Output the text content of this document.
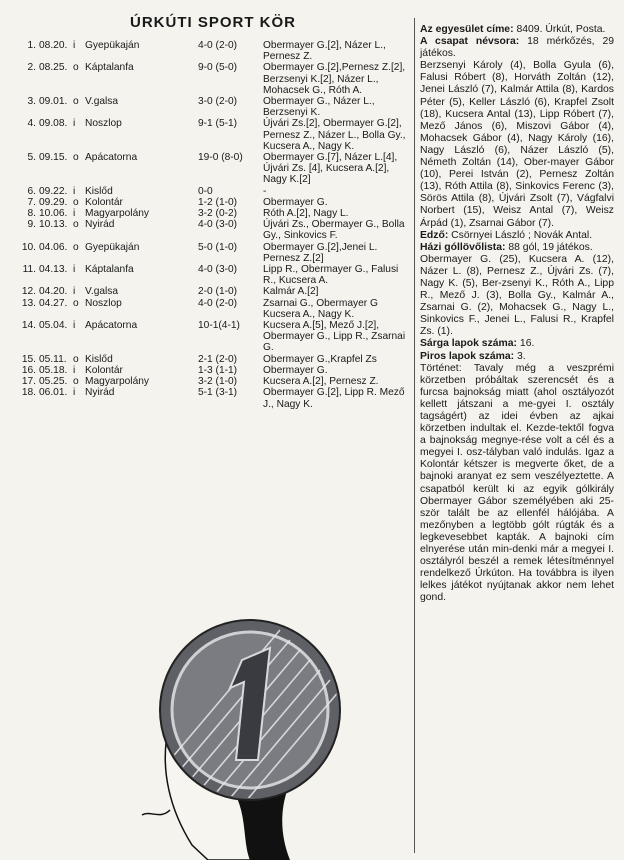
ÚRKÚTI SPORT KÖR
1. 08.20. i Gyepükaján	4-0 (2-0)	Obermayer G.[2], Názer L., Pernesz Z.
2. 08.25. o Káptalanfa	9-0 (5-0)	Obermayer G.[2],Pernesz Z.[2], Berzsenyi K.[2], Názer L., Mohacsek G., Róth A.
3. 09.01. o V.galsa	3-0 (2-0)	Obermayer G., Názer L., Berzsenyi K.
4. 09.08. i Noszlop	9-1 (5-1)	Újvári Zs.[2], Obermayer G.[2], Pernesz Z., Názer L., Bolla Gy., Kucsera A., Nagy K.
5. 09.15. o Apácatorna	19-0 (8-0)	Obermayer G.[7], Názer L.[4], Újvári Zs. [4], Kucsera A.[2], Nagy K.[2]
6. 09.22. i Kislőd	0-0	-
7. 09.29. o Kolontár	1-2 (1-0)	Obermayer G.
8. 10.06. i Magyarpolány	3-2 (0-2)	Róth A.[2], Nagy L.
9. 10.13. o Nyirád	4-0 (3-0)	Újvári Zs., Obermayer G., Bolla Gy., Sinkovics F.
10. 04.06. o Gyepükaján	5-0 (1-0)	Obermayer G.[2],Jenei L. Pernesz Z.[2]
11. 04.13. i Káptalanfa	4-0 (3-0)	Lipp R., Obermayer G., Falusi R., Kucsera A.
12. 04.20. i V.galsa	2-0 (1-0)	Kalmár A.[2]
13. 04.27. o Noszlop	4-0 (2-0)	Zsarnai G., Obermayer G Kucsera A., Nagy K.
14. 05.04. i Apácatorna	10-1(4-1)	Kucsera A.[5], Mező J.[2], Obermayer G., Lipp R., Zsarnai G.
15. 05.11. o Kislőd	2-1 (2-0)	Obermayer G.,Krapfel Zs
16. 05.18. i Kolontár	1-3 (1-1)	Obermayer G.
17. 05.25. o Magyarpolány	3-2 (1-0)	Kucsera A.[2], Pernesz Z.
18. 06.01. i Nyirád	5-1 (3-1)	Obermayer G.[2], Lipp R. Mező J., Nagy K.

Az egyesület címe: 8409. Úrkút, Posta.

A csapat névsora: 18 mérkőzés, 29 játékos.

Berzsenyi Károly (4), Bolla Gyula (6), Falusi Róbert (8), Horváth Zoltán (12), Jenei László (7), Kalmár Attila (8), Kardos Péter (5), Keller László (6), Krapfel Zsolt (18), Kucsera Antal (13), Lipp Róbert (7), Mező János (6), Miszovi Gábor (4), Mohacsek Gábor (4), Nagy Károly (16), Nagy László (6), Názer László (5), Németh Zoltán (14), Ober-mayer Gábor (10), Perei István (2), Pernesz Zoltán (13), Róth Attila (8), Sinkovics Ferenc (3), Sörös Attila (8), Újvári Zsolt (7), Vágfalvi Norbert (15), Weisz Antal (7), Weisz Árpád (1), Zsarnai Gábor (7).

Edző: Csörnyei László ; Novák Antal.

Házi góllövőlista: 88 gól, 19 játékos.

Obermayer G. (25), Kucsera A. (12), Názer L. (8), Pernesz Z., Újvári Zs. (7), Nagy K. (5), Ber-zsenyi K., Róth A., Lipp R., Mező J. (3), Bolla Gy., Kalmár A., Zsarnai G. (2), Mohacsek G., Nagy L., Sinkovics F., Jenei L., Falusi R., Krapfel Zs. (1).

Sárga lapok száma: 16.

Piros lapok száma: 3.

Történet: Tavaly még a veszprémi körzetben próbáltak szerencsét és a furcsa bajnokság miatt (ahol osztályozót kellett játszani a me-gyei I. osztály tagságért) az idei évben az ajkai körzetben indultak el. Kezde-tektől fogva a bajnokság megnye-rése volt a cél és a megyei I. osz-tályban való indulás. Igaz a Kolontár kétszer is megverte őket, de a bajnoki aranyat ez sem veszélyeztette. A csapatból került ki az egyik gólkirály Obermayer Gábor személyében aki 25-ször talált be az ellenfél hálójába. A mezőnyben a legtöbb gólt rúgták és a legkevesebbet kapták. A bajnoki cím elnyerése után min-denki már a megyei I. osztályról beszél a remek létesítménnyel rendelkező Úrkúton. Ha továbbra is ilyen lelkes játékot nyújtanak akkor nem lehet gond.
